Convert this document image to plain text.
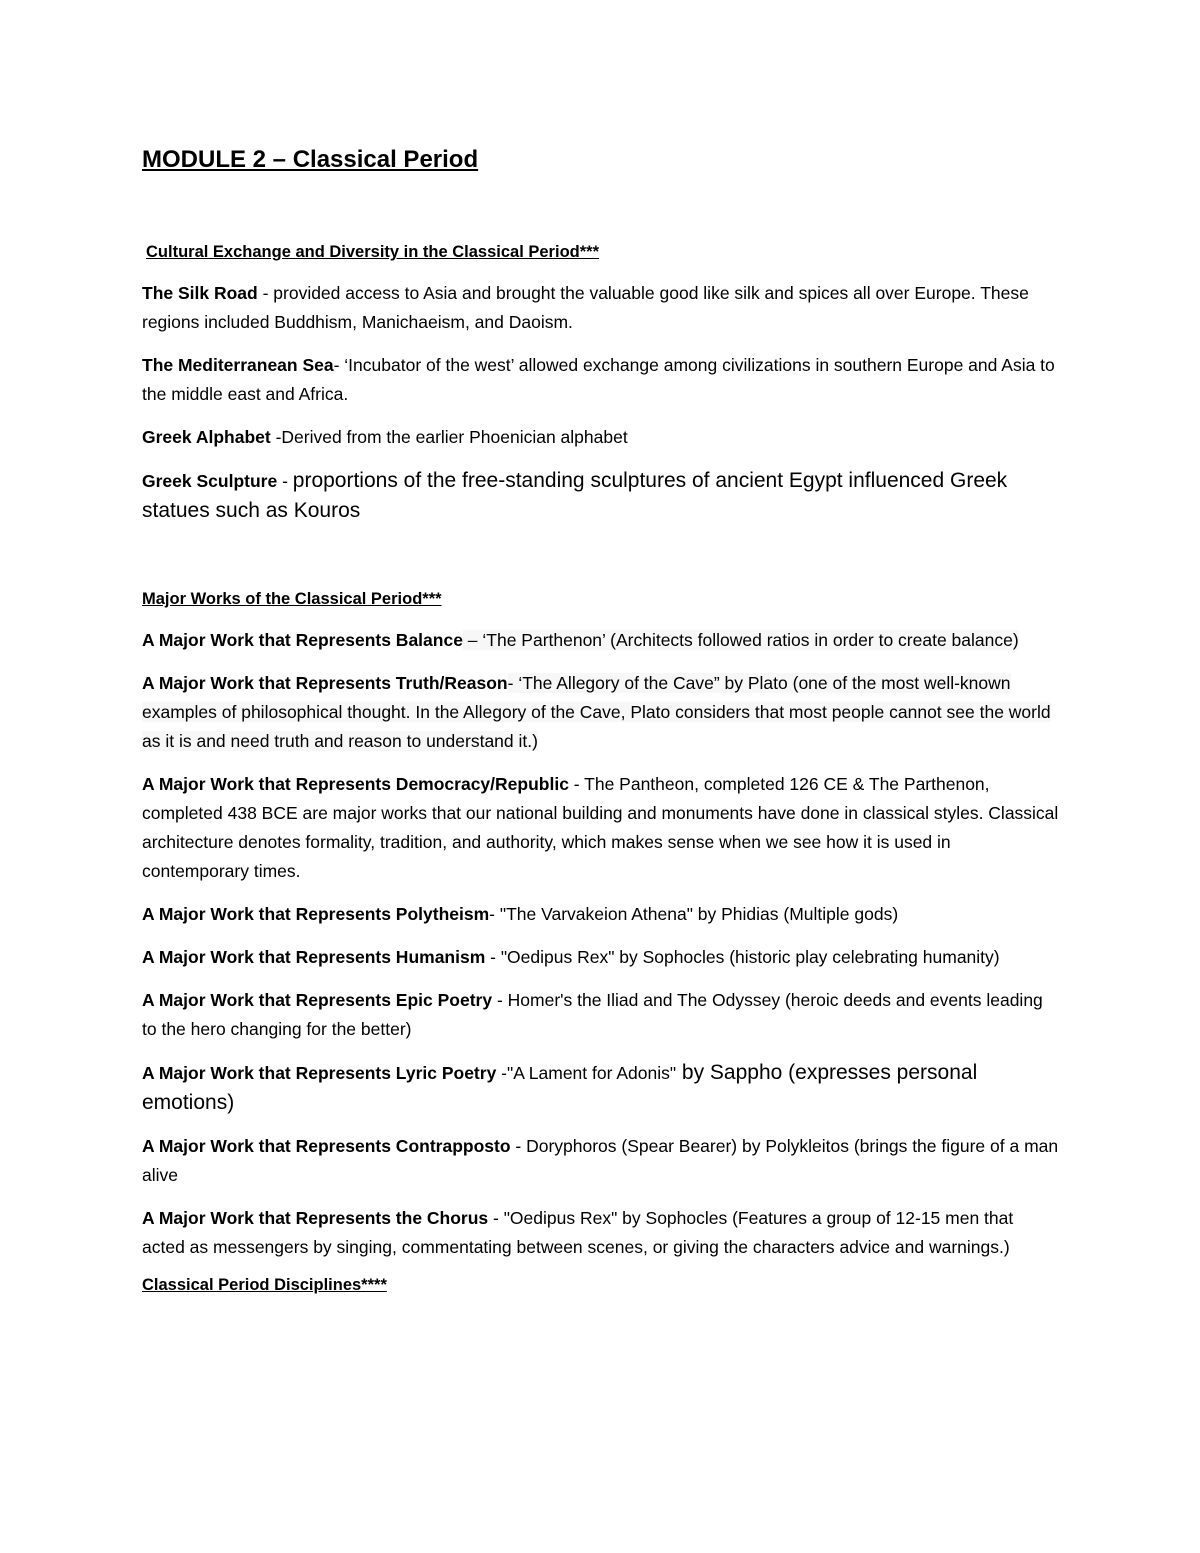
MODULE 2 – Classical Period
Cultural Exchange and Diversity in the Classical Period***

The Silk Road - provided access to Asia and brought the valuable good like silk and spices all over Europe. These regions included Buddhism, Manichaeism, and Daoism.

The Mediterranean Sea- ‘Incubator of the west’ allowed exchange among civilizations in southern Europe and Asia to the middle east and Africa.

Greek Alphabet -Derived from the earlier Phoenician alphabet

Greek Sculpture - proportions of the free-standing sculptures of ancient Egypt influenced Greek statues such as Kouros

Major Works of the Classical Period***

A Major Work that Represents Balance – ‘The Parthenon’ (Architects followed ratios in order to create balance)

A Major Work that Represents Truth/Reason- ‘The Allegory of the Cave” by Plato (one of the most well-known examples of philosophical thought. In the Allegory of the Cave, Plato considers that most people cannot see the world as it is and need truth and reason to understand it.)

A Major Work that Represents Democracy/Republic - The Pantheon, completed 126 CE & The Parthenon, completed 438 BCE are major works that our national building and monuments have done in classical styles. Classical architecture denotes formality, tradition, and authority, which makes sense when we see how it is used in contemporary times.

A Major Work that Represents Polytheism- "The Varvakeion Athena" by Phidias (Multiple gods)

A Major Work that Represents Humanism - "Oedipus Rex" by Sophocles (historic play celebrating humanity)

A Major Work that Represents Epic Poetry - Homer's the Iliad and The Odyssey (heroic deeds and events leading to the hero changing for the better)

A Major Work that Represents Lyric Poetry -"A Lament for Adonis" by Sappho (expresses personal emotions)

A Major Work that Represents Contrapposto - Doryphoros (Spear Bearer) by Polykleitos (brings the figure of a man alive

A Major Work that Represents the Chorus - "Oedipus Rex" by Sophocles (Features a group of 12-15 men that acted as messengers by singing, commentating between scenes, or giving the characters advice and warnings.)

Classical Period Disciplines****
